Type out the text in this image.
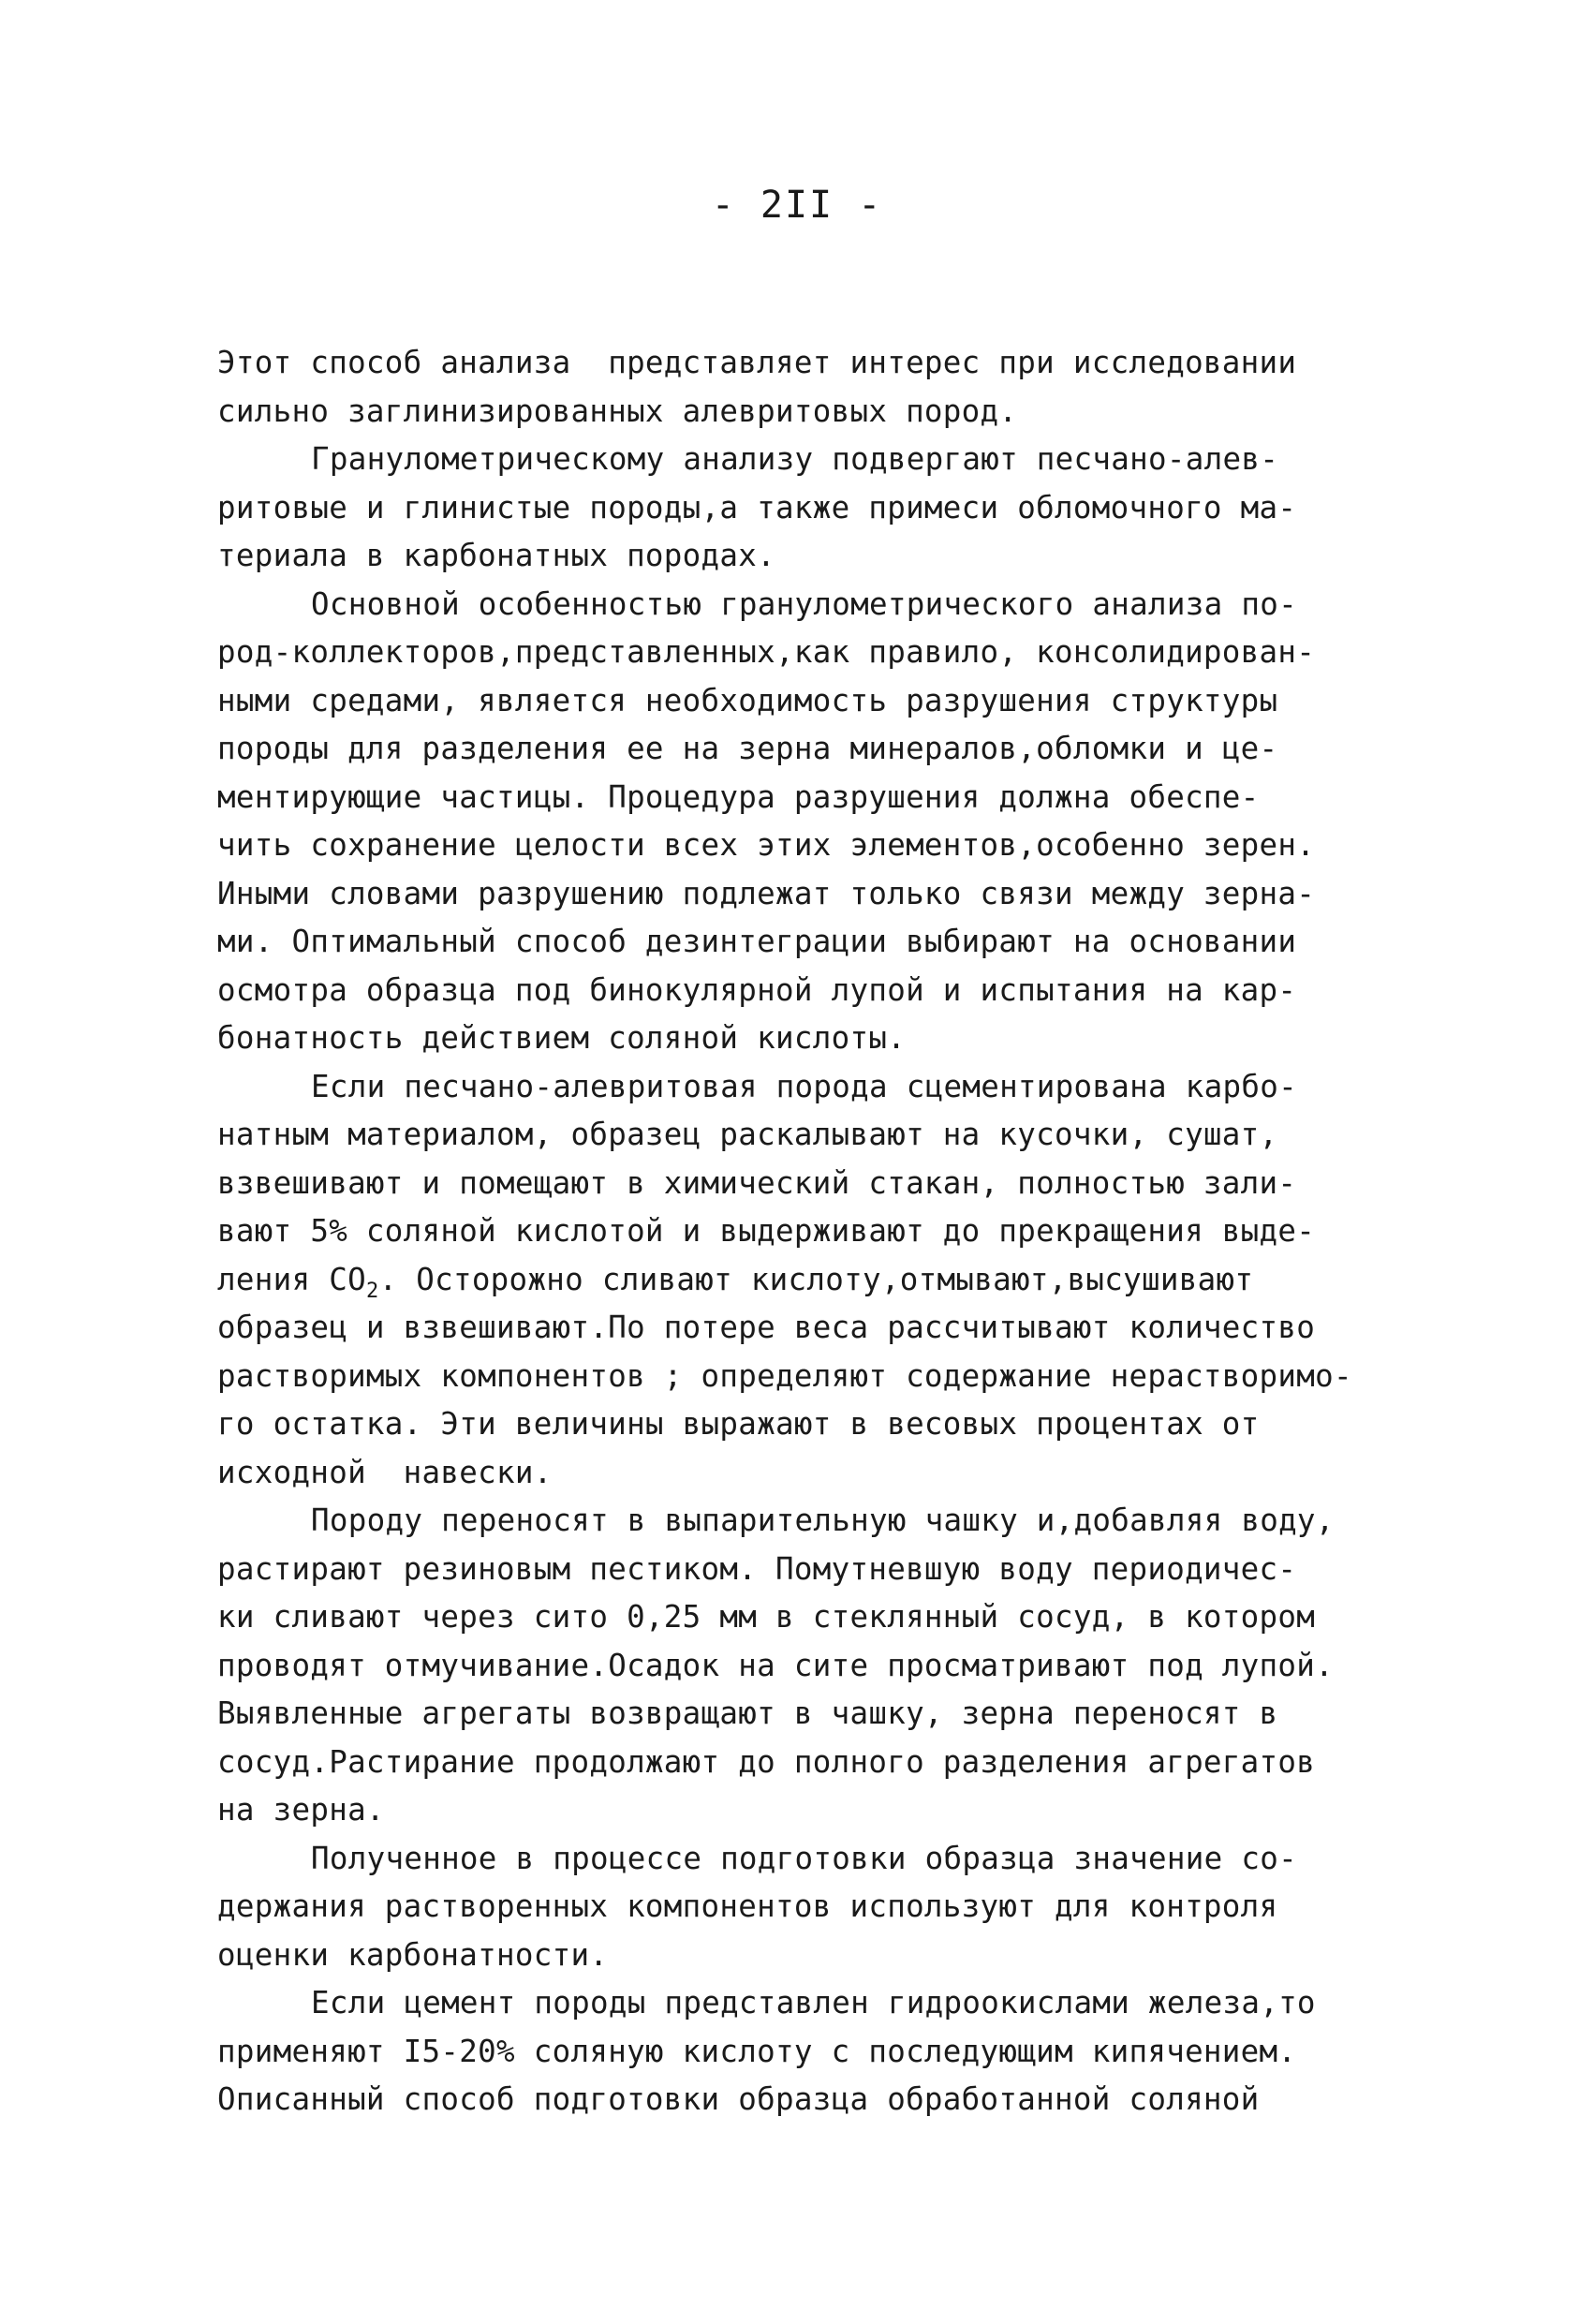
- 2II -
Этот способ анализа  представляет интерес при исследовании
сильно заглинизированных алевритовых пород.
Гранулометрическому анализу подвергают песчано-алев-
ритовые и глинистые породы,а также примеси обломочного ма-
териала в карбонатных породах.
Основной особенностью гранулометрического анализа по-
род-коллекторов,представленных,как правило, консолидирован-
ными средами, является необходимость разрушения структуры
породы для разделения ее на зерна минералов,обломки и це-
ментирующие частицы. Процедура разрушения должна обеспе-
чить сохранение целости всех этих элементов,особенно зерен.
Иными словами разрушению подлежат только связи между зерна-
ми. Оптимальный способ дезинтеграции выбирают на основании
осмотра образца под бинокулярной лупой и испытания на кар-
бонатность действием соляной кислоты.
Если песчано-алевритовая порода сцементирована карбо-
натным материалом, образец раскалывают на кусочки, сушат,
взвешивают и помещают в химический стакан, полностью зали-
вают 5% соляной кислотой и выдерживают до прекращения выде-
ления $CO_2$. Осторожно сливают кислоту,отмывают,высушивают
образец и взвешивают.По потере веса рассчитывают количество
растворимых компонентов ; определяют содержание нерастворимо-
го остатка. Эти величины выражают в весовых процентах от
исходной  навески.
Породу переносят в выпарительную чашку и,добавляя воду,
растирают резиновым пестиком. Помутневшую воду периодичес-
ки сливают через сито 0,25 мм в стеклянный сосуд, в котором
проводят отмучивание.Осадок на сите просматривают под лупой.
Выявленные агрегаты возвращают в чашку, зерна переносят в
сосуд.Растирание продолжают до полного разделения агрегатов
на зерна.
Полученное в процессе подготовки образца значение со-
держания растворенных компонентов используют для контроля
оценки карбонатности.
Если цемент породы представлен гидроокислами железа,то
применяют I5-20% соляную кислоту с последующим кипячением.
Описанный способ подготовки образца обработанной соляной
